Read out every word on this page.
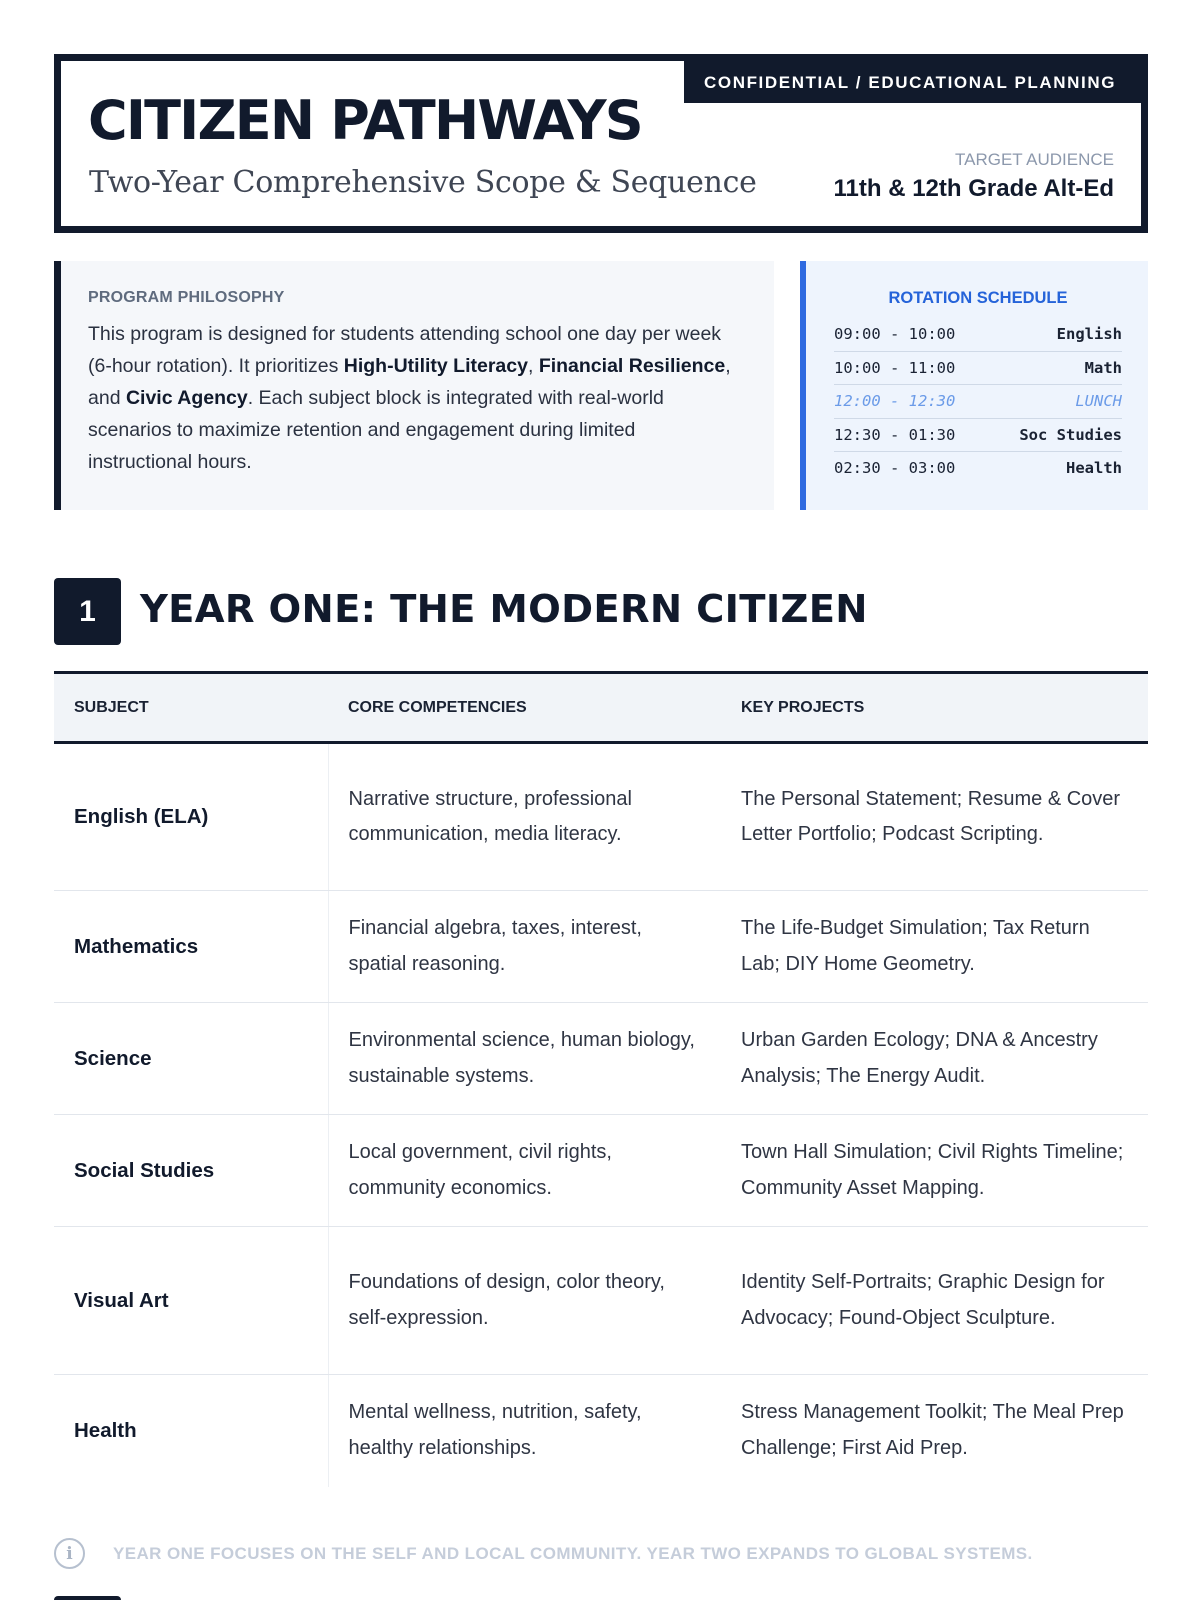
CONFIDENTIAL / EDUCATIONAL PLANNING
CITIZEN PATHWAYS
Two-Year Comprehensive Scope & Sequence
TARGET AUDIENCE
11th & 12th Grade Alt-Ed
PROGRAM PHILOSOPHY

This program is designed for students attending school one day per week (6-hour rotation). It prioritizes High-Utility Literacy, Financial Resilience, and Civic Agency. Each subject block is integrated with real-world scenarios to maximize retention and engagement during limited instructional hours.

ROTATION SCHEDULE
09:00 - 10:00	English
10:00 - 11:00	Math
12:00 - 12:30	LUNCH
12:30 - 01:30	Soc Studies
02:30 - 03:00	Health
1	YEAR ONE: THE MODERN CITIZEN
SUBJECT	CORE COMPETENCIES	KEY PROJECTS
English (ELA)	Narrative structure, professional communication, media literacy.	The Personal Statement; Resume & Cover Letter Portfolio; Podcast Scripting.
Mathematics	Financial algebra, taxes, interest, spatial reasoning.	The Life-Budget Simulation; Tax Return Lab; DIY Home Geometry.
Science	Environmental science, human biology, sustainable systems.	Urban Garden Ecology; DNA & Ancestry Analysis; The Energy Audit.
Social Studies	Local government, civil rights, community economics.	Town Hall Simulation; Civil Rights Timeline; Community Asset Mapping.
Visual Art	Foundations of design, color theory, self-expression.	Identity Self-Portraits; Graphic Design for Advocacy; Found-Object Sculpture.
Health	Mental wellness, nutrition, safety, healthy relationships.	Stress Management Toolkit; The Meal Prep Challenge; First Aid Prep.
i	YEAR ONE FOCUSES ON THE SELF AND LOCAL COMMUNITY. YEAR TWO EXPANDS TO GLOBAL SYSTEMS.
